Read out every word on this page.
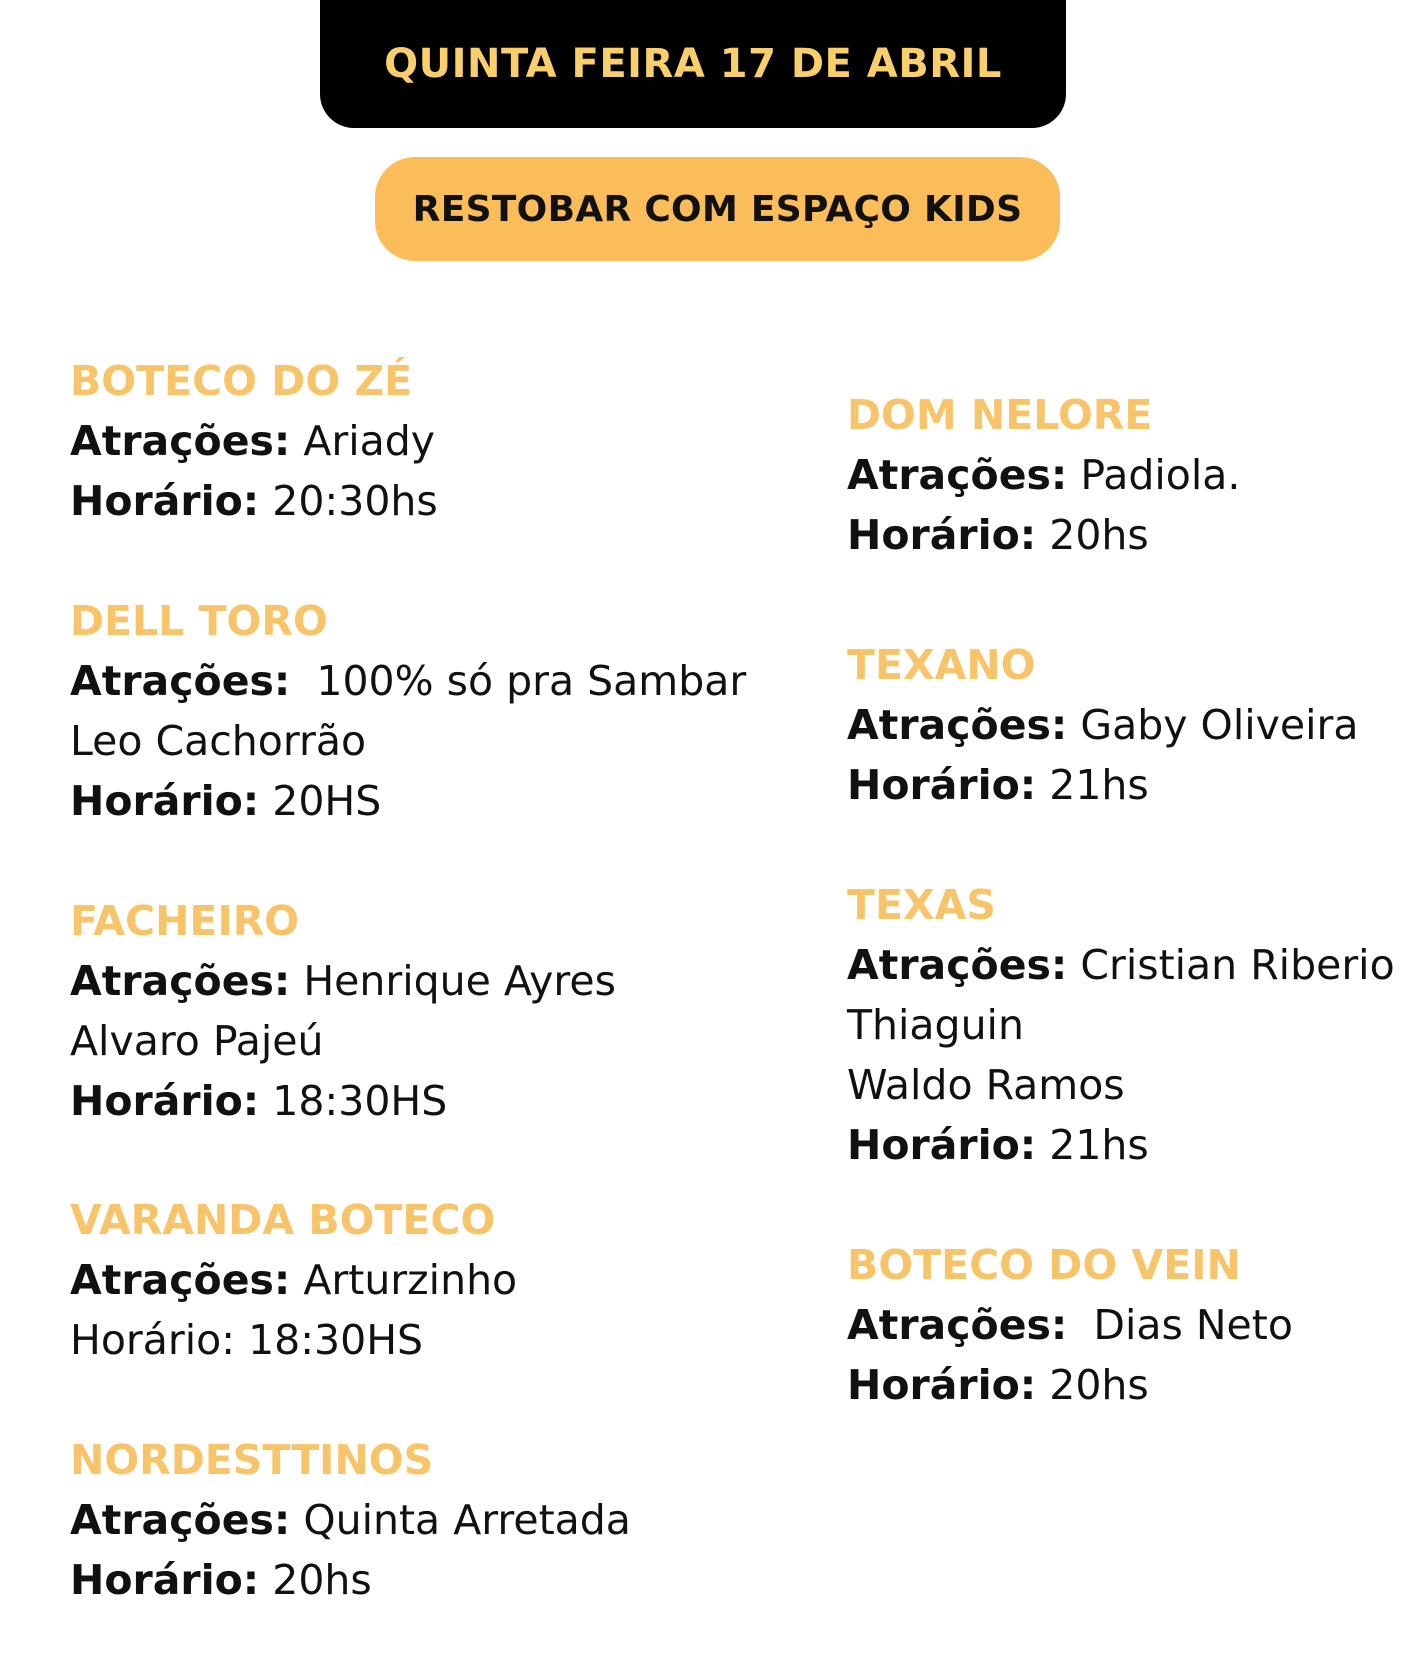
QUINTA FEIRA 17 DE ABRIL
RESTOBAR COM ESPAÇO KIDS
BOTECO DO ZÉ
Atrações: Ariady
Horário: 20:30hs
DELL TORO
Atrações:  100% só pra Sambar
Leo Cachorrão
Horário: 20HS
FACHEIRO
Atrações: Henrique Ayres
Alvaro Pajeú
Horário: 18:30HS
VARANDA BOTECO
Atrações: Arturzinho
Horário: 18:30HS
NORDESTTINOS
Atrações: Quinta Arretada
Horário: 20hs
DOM NELORE
Atrações: Padiola.
Horário: 20hs
TEXANO
Atrações: Gaby Oliveira
Horário: 21hs
TEXAS
Atrações: Cristian Riberio
Thiaguin
Waldo Ramos
Horário: 21hs
BOTECO DO VEIN
Atrações:  Dias Neto
Horário: 20hs
